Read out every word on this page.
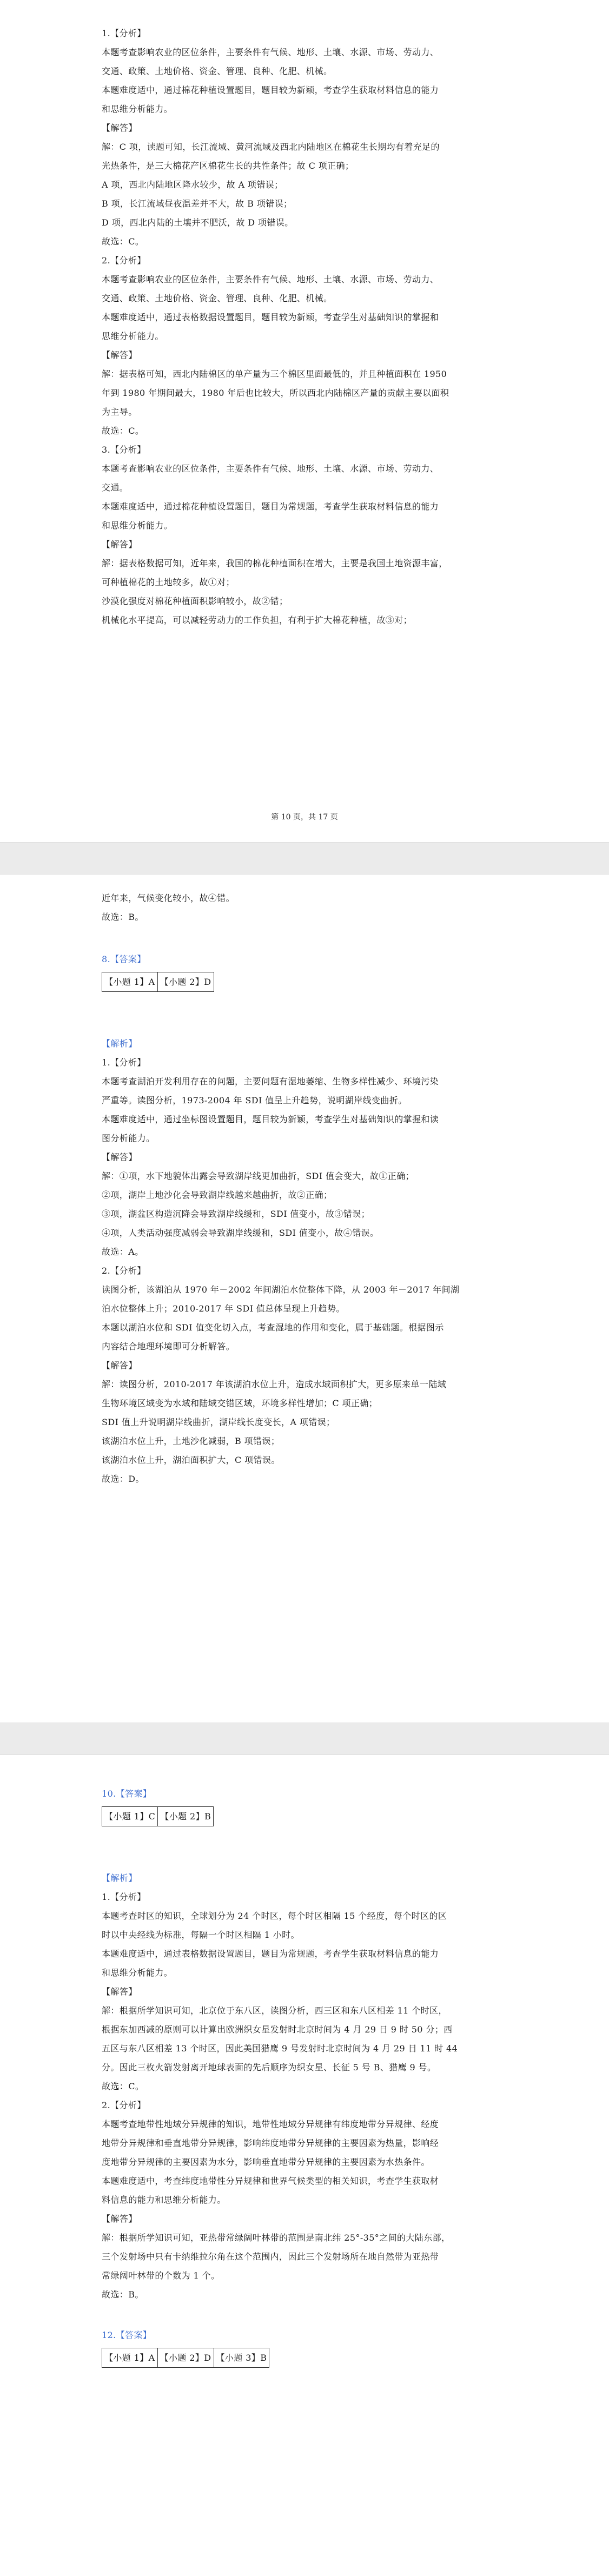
1.【分析】

本题考查影响农业的区位条件，主要条件有气候、地形、土壤、水源、市场、劳动力、

交通、政策、土地价格、资金、管理、良种、化肥、机械。

本题难度适中，通过棉花种植设置题目，题目较为新颖，考查学生获取材料信息的能力

和思维分析能力。

【解答】

解：C 项，读题可知，长江流域、黄河流域及西北内陆地区在棉花生长期均有着充足的

光热条件，是三大棉花产区棉花生长的共性条件；故 C 项正确；

A 项，西北内陆地区降水较少，故 A 项错误；

B 项，长江流域昼夜温差并不大，故 B 项错误；

D 项，西北内陆的土壤并不肥沃，故 D 项错误。

故选：C。

2.【分析】

本题考查影响农业的区位条件，主要条件有气候、地形、土壤、水源、市场、劳动力、

交通、政策、土地价格、资金、管理、良种、化肥、机械。

本题难度适中，通过表格数据设置题目，题目较为新颖，考查学生对基础知识的掌握和

思维分析能力。

【解答】

解：据表格可知，西北内陆棉区的单产量为三个棉区里面最低的，并且种植面积在 1950

年到 1980 年期间最大，1980 年后也比较大，所以西北内陆棉区产量的贡献主要以面积

为主导。

故选：C。

3.【分析】

本题考查影响农业的区位条件，主要条件有气候、地形、土壤、水源、市场、劳动力、

交通。

本题难度适中，通过棉花种植设置题目，题目为常规题，考查学生获取材料信息的能力

和思维分析能力。

【解答】

解：据表格数据可知，近年来，我国的棉花种植面积在增大，主要是我国土地资源丰富，

可种植棉花的土地较多，故①对；

沙漠化强度对棉花种植面积影响较小，故②错；

机械化水平提高，可以减轻劳动力的工作负担，有利于扩大棉花种植，故③对；

第 10 页，共 17 页

近年来，气候变化较小，故④错。

故选：B。

8.【答案】

【小题 1】A	【小题 2】D

【解析】

1.【分析】

本题考查湖泊开发利用存在的问题，主要问题有湿地萎缩、生物多样性减少、环境污染

严重等。读图分析，1973-2004 年 SDI 值呈上升趋势，说明湖岸线变曲折。

本题难度适中，通过坐标图设置题目，题目较为新颖，考查学生对基础知识的掌握和读

图分析能力。

【解答】

解：①项，水下地貌体出露会导致湖岸线更加曲折，SDI 值会变大，故①正确；

②项，湖岸上地沙化会导致湖岸线越来越曲折，故②正确；

③项，湖盆区构造沉降会导致湖岸线缓和，SDI 值变小，故③错误；

④项，人类活动强度减弱会导致湖岸线缓和，SDI 值变小，故④错误。

故选：A。

2.【分析】

读图分析，该湖泊从 1970 年－2002 年间湖泊水位整体下降，从 2003 年－2017 年间湖

泊水位整体上升；2010-2017 年 SDI 值总体呈现上升趋势。

本题以湖泊水位和 SDI 值变化切入点，考查湿地的作用和变化，属于基础题。根据图示

内容结合地理环境即可分析解答。

【解答】

解：读图分析，2010-2017 年该湖泊水位上升，造成水域面积扩大，更多原来单一陆域

生物环境区域变为水域和陆域交错区域，环境多样性增加；C 项正确；

SDI 值上升说明湖岸线曲折，湖岸线长度变长，A 项错误；

该湖泊水位上升，土地沙化减弱，B 项错误；

该湖泊水位上升，湖泊面积扩大，C 项错误。

故选：D。

10.【答案】

【小题 1】C	【小题 2】B

【解析】

1.【分析】

本题考查时区的知识，全球划分为 24 个时区，每个时区相隔 15 个经度，每个时区的区

时以中央经线为标准，每隔一个时区相隔 1 小时。

本题难度适中，通过表格数据设置题目，题目为常规题，考查学生获取材料信息的能力

和思维分析能力。

【解答】

解：根据所学知识可知，北京位于东八区，读图分析，西三区和东八区相差 11 个时区，

根据东加西减的原则可以计算出欧洲织女星发射时北京时间为 4 月 29 日 9 时 50 分；西

五区与东八区相差 13 个时区，因此美国猎鹰 9 号发射时北京时间为 4 月 29 日 11 时 44

分。因此三枚火箭发射离开地球表面的先后顺序为织女星、长征 5 号 B、猎鹰 9 号。

故选：C。

2.【分析】

本题考查地带性地域分异规律的知识，地带性地域分异规律有纬度地带分异规律、经度

地带分异规律和垂直地带分异规律，影响纬度地带分异规律的主要因素为热量，影响经

度地带分异规律的主要因素为水分，影响垂直地带分异规律的主要因素为水热条件。

本题难度适中，考查纬度地带性分异规律和世界气候类型的相关知识，考查学生获取材

料信息的能力和思维分析能力。

【解答】

解：根据所学知识可知，亚热带常绿阔叶林带的范围是南北纬 25°-35°之间的大陆东部，

三个发射场中只有卡纳维拉尔角在这个范围内，因此三个发射场所在地自然带为亚热带

常绿阔叶林带的个数为 1 个。

故选：B。

12.【答案】

【小题 1】A	【小题 2】D	【小题 3】B
